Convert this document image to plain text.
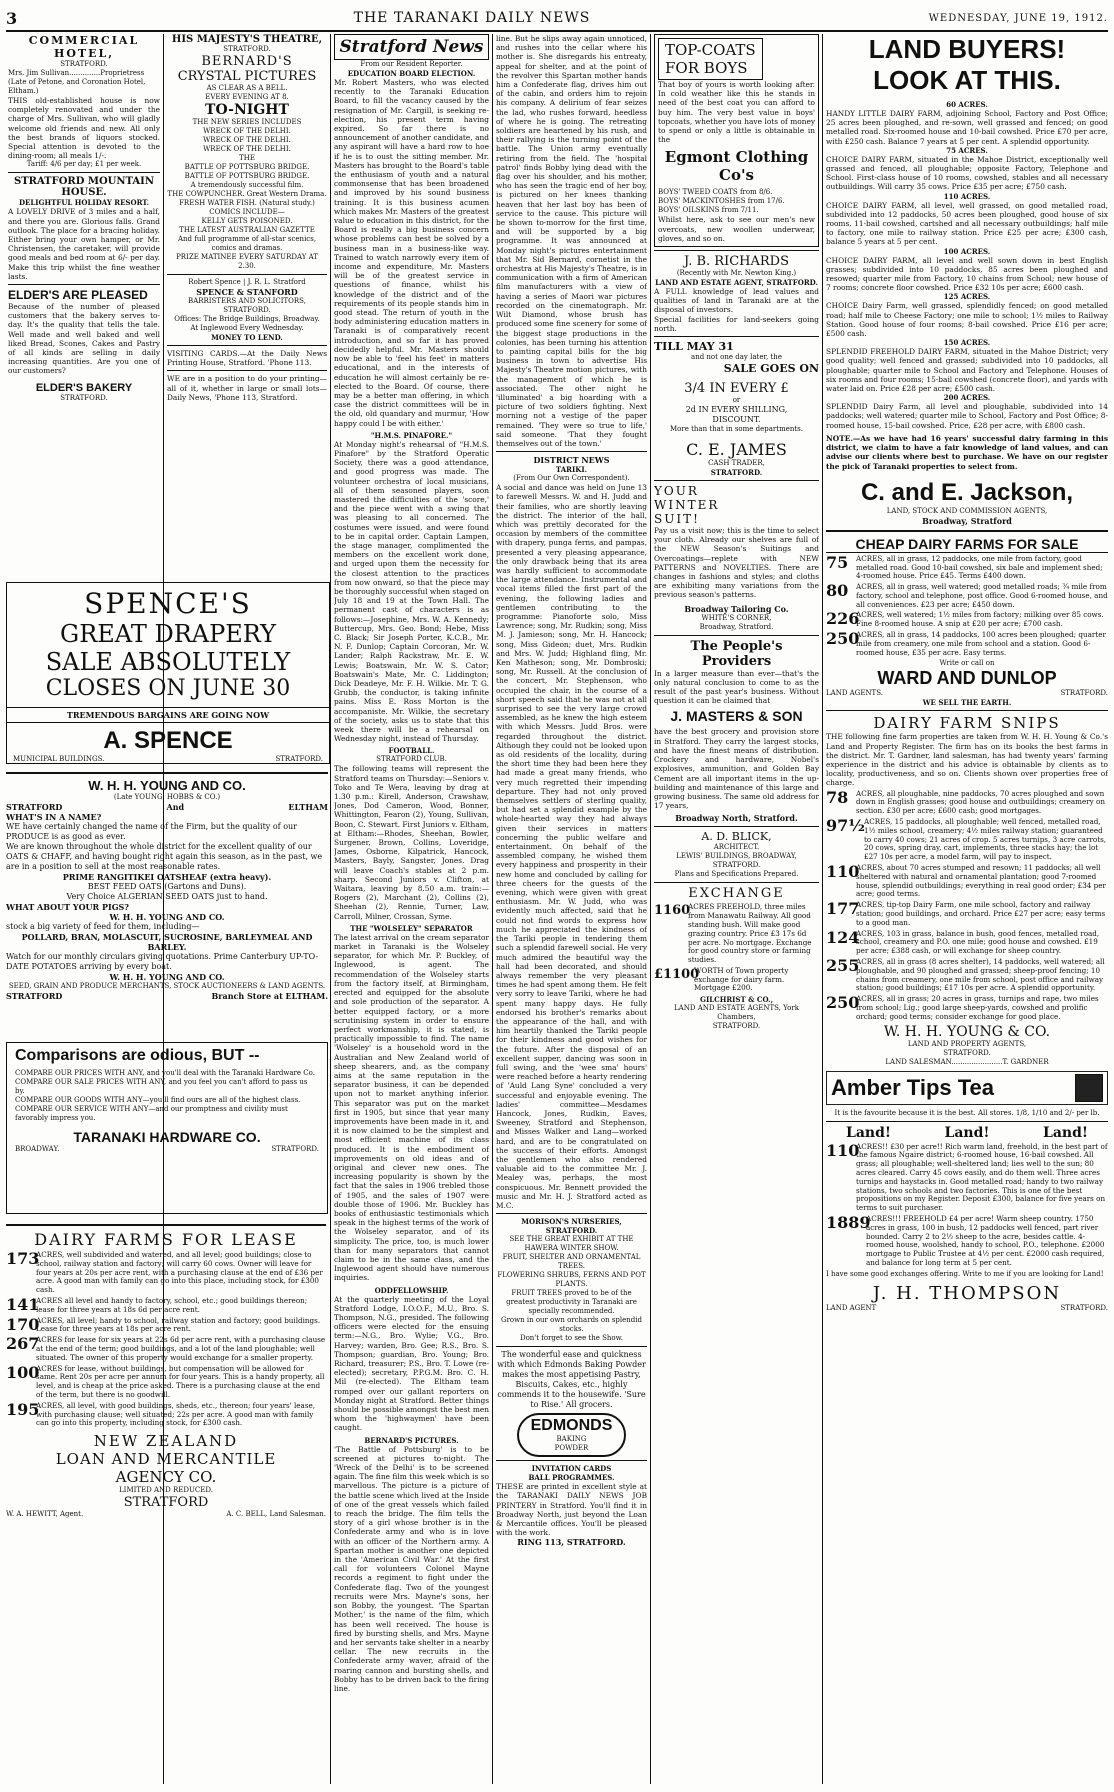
3	THE TARANAKI DAILY NEWS	WEDNESDAY, JUNE 19, 1912.
COMMERCIAL HOTEL,
STRATFORD.
Mrs. Jim Sullivan..............Proprietress
(Late of Petone, and Coronation Hotel, Eltham.)
THIS old-established house is now completely renovated and under the charge of Mrs. Sullivan, who will gladly welcome old friends and new. All only the best brands of liquors stocked. Special attention is devoted to the dining-room; all meals 1/-.
Tariff: 4/6 per day; £1 per week.
STRATFORD MOUNTAIN HOUSE.
DELIGHTFUL HOLIDAY RESORT.
A LOVELY DRIVE of 3 miles and a half, and there you are. Glorious falls. Grand outlook. The place for a bracing holiday. Either bring your own hamper, or Mr. Christensen, the caretaker, will provide good meals and bed room at 6/- per day. Make this trip whilst the fine weather lasts.
ELDER'S ARE PLEASED
Because of the number of pleased customers that the bakery serves to-day. It's the quality that tells the tale. Well made and well baked and well liked Bread, Scones, Cakes and Pastry of all kinds are selling in daily increasing quantities. Are you one of our customers?
ELDER'S BAKERY
STRATFORD.
HIS MAJESTY'S THEATRE,
STRATFORD.
BERNARD'S
CRYSTAL PICTURES
AS CLEAR AS A BELL.
EVERY EVENING AT 8.
TO-NIGHT
THE NEW SERIES INCLUDES
WRECK OF THE DELHI.
WRECK OF THE DELHI.
WRECK OF THE DELHI.
THE
BATTLE OF POTTSBURG BRIDGE.
BATTLE OF POTTSBURG BRIDGE.
A tremendously successful film.
THE COWPUNCHER. Great Western Drama.
FRESH WATER FISH. (Natural study.)
COMICS INCLUDE—
KELLY GETS POISONED.
THE LATEST AUSTRALIAN GAZETTE
And full programme of all-star scenics, comics and dramas.
PRIZE MATINEE EVERY SATURDAY AT 2.30.
Robert Spence | J. R. L. Stratford
SPENCE & STANFORD
BARRISTERS AND SOLICITORS,
STRATFORD.
Offices: The Bridge Buildings, Broadway.
At Inglewood Every Wednesday.
MONEY TO LEND.
VISITING CARDS.—At the Daily News Printing House, Stratford. 'Phone 113.
WE are in a position to do your printing—all of it, whether in large or small lots—Daily News, 'Phone 113, Stratford.
SPENCE'S
GREAT DRAPERY
SALE ABSOLUTELY
CLOSES ON JUNE 30
TREMENDOUS BARGAINS ARE GOING NOW
A. SPENCE
MUNICIPAL BUILDINGS.	STRATFORD.
W. H. H. YOUNG AND CO.
(Late YOUNG, HOBBS & CO.)
STRATFORD	And	ELTHAM
WHAT'S IN A NAME?
WE have certainly changed the name of the Firm, but the quality of our PRODUCE is as good as ever.
We are known throughout the whole district for the excellent quality of our OATS & CHAFF, and having bought right again this season, as in the past, we are in a position to sell at the most reasonable rates.
PRIME RANGITIKEI OATSHEAF (extra heavy).
BEST FEED OATS (Gartons and Duns).
Very Choice ALGERIAN SEED OATS just to hand.
WHAT ABOUT YOUR PIGS?
W. H. H. YOUNG AND CO.
stock a big variety of feed for them, including—
POLLARD, BRAN, MOLASCUIT, SUCROSINE, BARLEYMEAL AND BARLEY.
Watch for our monthly circulars giving quotations. Prime Canterbury UP-TO-DATE POTATOES arriving by every boat.
W. H. H. YOUNG AND CO.
SEED, GRAIN AND PRODUCE MERCHANTS, STOCK AUCTIONEERS & LAND AGENTS.
STRATFORD	Branch Store at ELTHAM.
Comparisons are odious, BUT --
COMPARE OUR PRICES WITH ANY, and you'll deal with the Taranaki Hardware Co.
COMPARE OUR SALE PRICES WITH ANY, and you feel you can't afford to pass us by.
COMPARE OUR GOODS WITH ANY—you'll find ours are all of the highest class.
COMPARE OUR SERVICE WITH ANY—and our promptness and civility must favorably impress you.
TARANAKI HARDWARE CO.
BROADWAY.	STRATFORD.
DAIRY FARMS FOR LEASE
173
ACRES, well subdivided and watered, and all level; good buildings; close to school, railway station and factory; will carry 60 cows. Owner will leave for four years at 20s per acre rent, with a purchasing clause at the end of £36 per acre. A good man with family can go into this place, including stock, for £300 cash.
141
ACRES all level and handy to factory, school, etc.; good buildings thereon; lease for three years at 18s 6d per acre rent.
170
ACRES, all level; handy to school, railway station and factory; good buildings. Lease for three years at 18s per acre rent.
267
ACRES for lease for six years at 22s 6d per acre rent, with a purchasing clause at the end of the term; good buildings, and a lot of the land ploughable; well situated. The owner of this property would exchange for a smaller property.
100
ACRES for lease, without buildings, but compensation will be allowed for same. Rent 20s per acre per annum for four years. This is a handy property, all level, and is cheap at the price asked. There is a purchasing clause at the end of the term, but there is no goodwill.
195
ACRES, all level, with good buildings, sheds, etc., thereon; four years' lease, with purchasing clause; well situated; 22s per acre. A good man with family can go into this property, including stock, for £300 cash.
NEW ZEALAND
LOAN AND MERCANTILE
AGENCY CO.
LIMITED AND REDUCED.
STRATFORD
W. A. HEWITT, Agent.	A. C. BELL, Land Salesman.
Stratford News
From our Resident Reporter.
EDUCATION BOARD ELECTION.
Mr. Robert Masters, who was elected recently to the Taranaki Education Board, to fill the vacancy caused by the resignation of Mr. Cargill, is seeking re-election, his present term having expired. So far there is no announcement of another candidate, and any aspirant will have a hard row to hoe if he is to oust the sitting member. Mr. Masters has brought to the Board's table the enthusiasm of youth and a natural commonsense that has been broadened and improved by his sound business training. It is this business acumen which makes Mr. Masters of the greatest value to education in this district, for the Board is really a big business concern whose problems can best be solved by a business man in a business-like way. Trained to watch narrowly every item of income and expenditure, Mr. Masters will be of the greatest service in questions of finance, whilst his knowledge of the district and of the requirements of its people stands him in good stead. The return of youth in the body administering education matters in Taranaki is of comparatively recent introduction, and so far it has proved decidedly helpful. Mr. Masters should now be able to 'feel his feet' in matters educational, and in the interests of education he will almost certainly be re-elected to the Board. Of course, there may be a better man offering, in which case the district committees will be in the old, old quandary and murmur, 'How happy could I be with either.'
"H.M.S. PINAFORE."
At Monday night's rehearsal of "H.M.S. Pinafore" by the Stratford Operatic Society, there was a good attendance, and good progress was made. The volunteer orchestra of local musicians, all of them seasoned players, soon mastered the difficulties of the 'score,' and the piece went with a swing that was pleasing to all concerned. The costumes were issued, and were found to be in capital order. Captain Lampen, the stage manager, complimented the members on the excellent work done, and urged upon them the necessity for the closest attention to the practices from now onward, so that the piece may be thoroughly successful when staged on July 18 and 19 at the Town Hall. The permanent cast of characters is as follows:—Josephine, Mrs. W. A. Kennedy; Buttercup, Mrs. Geo. Bond; Hebe, Miss C. Black; Sir Joseph Porter, K.C.B., Mr. N. F. Dunlop; Captain Corcoran, Mr. W. Lander; Ralph Rackstraw, Mr. E. W. Lewis; Boatswain, Mr. W. S. Cator; Boatswain's Mate, Mr. C. Liddington; Dick Deadeye, Mr. F. H. Wilkie. Mr. T. G. Grubb, the conductor, is taking infinite pains. Miss E. Ross Morton is the accompaniste. Mr. Wilkie, the secretary of the society, asks us to state that this week there will be a rehearsal on Wednesday night, instead of Thursday.
FOOTBALL.
STRATFORD CLUB.
The following teams will represent the Stratford teams on Thursday:—Seniors v. Toko and Te Wera, leaving by drag at 1.30 p.m.: Kirell, Anderson, Crawshaw, Jones, Dod Cameron, Wood, Bonner, Whittington, Fearon (2), Young, Sullivan, Boon, C. Stewart. First Juniors v. Eltham, at Eltham:—Rhodes, Sheehan, Bowler, Surgener, Brown, Collins, Loveridge, James, Osborne, Kilpatrick, Hancock, Masters, Bayly, Sangster, Jones. Drag will leave Coach's stables at 2 p.m. sharp. Second Juniors v. Clifton, at Waitara, leaving by 8.50 a.m. train:—Rogers (2), Marchant (2), Collins (2), Sheehan (2), Rennie, Turner, Law, Carroll, Milner, Crossan, Syme.
THE "WOLSELEY" SEPARATOR
The latest arrival on the cream separator market in Taranaki is the Wolseley separator, for which Mr. P. Buckley, of Inglewood, is agent. The recommendation of the Wolseley starts from the factory itself, at Birmingham, erected and equipped for the absolute and sole production of the separator. A better equipped factory, or a more scrutinising system in order to ensure perfect workmanship, it is stated, is practically impossible to find. The name 'Wolseley' is a household word in the Australian and New Zealand world of sheep shearers, and, as the company aims at the same reputation in the separator business, it can be depended upon not to market anything inferior. This separator was put on the market first in 1905, but since that year many improvements have been made in it, and it is now claimed to be the simplest and most efficient machine of its class produced. It is the embodiment of improvements on old ideas and of original and clever new ones. The increasing popularity is shown by the fact that the sales in 1906 trebled those of 1905, and the sales of 1907 were double those of 1906. Mr. Buckley has books of enthusiastic testimonials which speak in the highest terms of the work of the Wolseley separator, and of its simplicity. The price, too, is much lower than for many separators that cannot claim to be in the same class, and the Inglewood agent should have numerous inquiries.
ODDFELLOWSHIP.
At the quarterly meeting of the Loyal Stratford Lodge, I.O.O.F., M.U., Bro. S. Thompson, N.G., presided. The following officers were elected for the ensuing term:—N.G., Bro. Wylie; V.G., Bro. Harvey; warden, Bro. Gee; R.S., Bro. S. Thompson; guardian, Bro. Young; Bro. Richard, treasurer; P.S., Bro. T. Lowe (re-elected); secretary, P.P.G.M. Bro. C. H. Mil (re-elected). The Eltham team romped over our gallant reporters on Monday night at Stratford. Better things should be possible amongst the best men whom the 'highwaymen' have been caught.
BERNARD'S PICTURES.
'The Battle of Pottsburg' is to be screened at pictures to-night. The 'Wreck of the Delhi' is to be screened again. The fine film this week which is so marvellous. The picture is a picture of the battle scene which lived at the Inside of one of the great vessels which failed to reach the bridge. The film tells the story of a girl whose brother is in the Confederate army and who is in love with an officer of the Northern army. A Spartan mother is another one depicted in the 'American Civil War.' At the first call for volunteers Colonel Mayne records a regiment to fight under the Confederate flag. Two of the youngest recruits were Mrs. Mayne's sons, her son Bobby, the youngest. 'The Spartan Mother,' is the name of the film, which has been well received. The house is fired by bursting shells, and Mrs. Mayne and her servants take shelter in a nearby cellar. The new recruits in the Confederate army waver, afraid of the roaring cannon and bursting shells, and Bobby has to be driven back to the firing line.
line. But he slips away again unnoticed, and rushes into the cellar where his mother is. She disregards his entreaty, appeal for shelter, and at the point of the revolver this Spartan mother hands him a Confederate flag, drives him out of the cabin, and orders him to rejoin his company. A delirium of fear seizes the lad, who rushes forward, heedless of where he is going. The retreating soldiers are heartened by his rush, and their rallying is the turning point of the battle. The Union army eventually retiring from the field. The 'hospital patrol' finds Bobby lying dead with the flag over his shoulder, and his mother, who has seen the tragic end of her boy, is pictured on her knees thanking heaven that her last boy has been of service to the cause. This picture will be shown to-morrow for the first time, and will be supported by a big programme. It was announced at Monday night's pictures entertainment that Mr. Sid Bernard, cornetist in the orchestra at His Majesty's Theatre, is in communication with a firm of American film manufacturers with a view of having a series of Maori war pictures recorded on the cinematograph. Mr. Wilt Diamond, whose brush has produced some fine scenery for some of the biggest stage productions in the colonies, has been turning his attention to painting capital bills for the big business in town to advertise His Majesty's Theatre motion pictures, with the management of which he is associated. The other night he 'illuminated' a big hoarding with a picture of two soldiers fighting. Next morning not a vestige of the paper remained. 'They were so true to life,' said someone. 'That they fought themselves out of the town.'
DISTRICT NEWS
TARIKI.
(From Our Own Correspondent).
A social and dance was held on June 13 to farewell Messrs. W. and H. Judd and their families, who are shortly leaving the district. The interior of the hall, which was prettily decorated for the occasion by members of the committee with drapery, punga ferns, and pampas, presented a very pleasing appearance, the only drawback being that its area was hardly sufficient to accommodate the large attendance. Instrumental and vocal items filled the first part of the evening, the following ladies and gentlemen contributing to the programme: Pianoforte solo, Miss Lawrence; song, Mr. Rudkin; song, Miss M. J. Jamieson; song, Mr. H. Hancock; song, Miss Gideon; duet, Mrs. Rudkin and Mrs. W. Judd; Highland fling, Mr. Ken Matheson; song, Mr. Dombroski; song, Mr. Russell. At the conclusion of the concert, Mr. Stephenson, who occupied the chair, in the course of a short speech said that he was not at all surprised to see the very large crowd assembled, as he knew the high esteem with which Messrs. Judd Bros. were regarded throughout the district. Although they could not be looked upon as old residents of the locality, during the short time they had been here they had made a great many friends, who very much regretted their impending departure. They had not only proved themselves settlers of sterling quality, but had set a splendid example by the whole-hearted way they had always given their services in matters concerning the public welfare and entertainment. On behalf of the assembled company, he wished them every happiness and prosperity in their new home and concluded by calling for three cheers for the guests of the evening, which were given with great enthusiasm. Mr. W. Judd, who was evidently much affected, said that he could not find words to express how much he appreciated the kindness of the Tariki people in tendering them such a splendid farewell social. He very much admired the beautiful way the hall had been decorated, and should always remember the very pleasant times he had spent among them. He felt very sorry to leave Tariki, where he had spent many happy days. He fully endorsed his brother's remarks about the appearance of the hall, and with him heartily thanked the Tariki people for their kindness and good wishes for the future. After the disposal of an excellent supper, dancing was soon in full swing, and the 'wee sma' hours' were reached before a hearty rendering of 'Auld Lang Syne' concluded a very successful and enjoyable evening. The ladies' committee—Mesdames Hancock, Jones, Rudkin, Eaves, Sweeney, Stratford and Stephenson, and Misses Walker and Lang—worked hard, and are to be congratulated on the success of their efforts. Amongst the gentlemen who also rendered valuable aid to the committee Mr. J. Mealey was, perhaps, the most conspicuous. Mr. Bennett provided the music and Mr. H. J. Stratford acted as M.C.
MORISON'S NURSERIES, STRATFORD.
SEE THE GREAT EXHIBIT AT THE HAWERA WINTER SHOW.
FRUIT, SHELTER AND ORNAMENTAL TREES.
FLOWERING SHRUBS, FERNS AND POT PLANTS.
FRUIT TREES proved to be of the greatest productivity in Taranaki are specially recommended.
Grown in our own orchards on splendid stocks.
Don't forget to see the Show.
The wonderful ease and quickness with which Edmonds Baking Powder makes the most appetising Pastry, Biscuits, Cakes, etc., highly commends it to the housewife. 'Sure to Rise.' All grocers.
EDMONDS
BAKING
POWDER
INVITATION CARDS
BALL PROGRAMMES.
THESE are printed in excellent style at the TARANAKI DAILY NEWS JOB PRINTERY in Stratford. You'll find it in Broadway North, just beyond the Loan & Mercantile offices. You'll be pleased with the work.
RING 113, STRATFORD.
TOP-COATS
FOR BOYS
That boy of yours is worth looking after. In cold weather like this he stands in need of the best coat you can afford to buy him. The very best value in boys' topcoats, whether you have lots of money to spend or only a little is obtainable in the
Egmont Clothing Co's
BOYS' TWEED COATS from 8/6.
BOYS' MACKINTOSHES from 17/6.
BOYS' OILSKINS from 7/11.
Whilst here, ask to see our men's new overcoats, new woollen underwear, gloves, and so on.
J. B. RICHARDS
(Recently with Mr. Newton King.)
LAND AND ESTATE AGENT, STRATFORD.
A FULL knowledge of lead values and qualities of land in Taranaki are at the disposal of investors.
Special facilities for land-seekers going north.
TILL MAY 31
and not one day later, the
SALE GOES ON
3/4 IN EVERY £
or
2d IN EVERY SHILLING,
DISCOUNT.
More than that in some departments.
C. E. JAMES
CASH TRADER,
STRATFORD.
YOUR
WINTER
SUIT!
Pay us a visit now; this is the time to select your cloth. Already our shelves are full of the NEW Season's Suitings and Overcoatings—replete with NEW PATTERNS and NOVELTIES. There are changes in fashions and styles; and cloths are exhibiting many variations from the previous season's patterns.
Broadway Tailoring Co.
WHITE'S CORNER,
Broadway, Stratford.
The People's Providers
In a larger measure than ever—that's the only natural conclusion to come to as the result of the past year's business. Without question it can be claimed that
J. MASTERS & SON
have the best grocery and provision store in Stratford. They carry the largest stocks, and have the finest means of distribution. Crockery and hardware, Nobel's explosives, ammunition, and Golden Bay Cement are all important items in the up-building and maintenance of this large and growing business. The same old address for 17 years,
Broadway North, Stratford.
A. D. BLICK,
ARCHITECT.
LEWIS' BUILDINGS, BROADWAY, STRATFORD.
Plans and Specifications Prepared.
EXCHANGE
1160
ACRES FREEHOLD, three miles from Manawatu Railway. All good standing bush. Will make good grazing country. Price £3 17s 6d per acre. No mortgage. Exchange for good country store or farming studies.
£1100
WORTH of Town property exchange for dairy farm. Mortgage £200.
GILCHRIST & CO.,
LAND AND ESTATE AGENTS, York Chambers,
STRATFORD.
LAND BUYERS!
LOOK AT THIS.
60 ACRES.
HANDY LITTLE DAIRY FARM, adjoining School, Factory and Post Office; 25 acres been ploughed, and re-sown, well grassed and fenced; on good metalled road. Six-roomed house and 10-bail cowshed. Price £70 per acre, with £250 cash. Balance 7 years at 5 per cent. A splendid opportunity.
75 ACRES.
CHOICE DAIRY FARM, situated in the Mahoe District, exceptionally well grassed and fenced, all ploughable; opposite Factory, Telephone and School. First-class house of 10 rooms, cowshed, stables and all necessary outbuildings. Will carry 35 cows. Price £35 per acre; £750 cash.
110 ACRES.
CHOICE DAIRY FARM, all level, well grassed, on good metalled road, subdivided into 12 paddocks, 50 acres been ploughed, good house of six rooms, 11-bail cowshed, cartshed and all necessary outbuildings; half mile to factory, one mile to railway station. Price £25 per acre; £300 cash, balance 5 years at 5 per cent.
100 ACRES.
CHOICE DAIRY FARM, all level and well sown down in best English grasses; subdivided into 10 paddocks, 85 acres been ploughed and resowed; quarter mile from Factory, 10 chains from School; new house of 7 rooms; concrete floor cowshed. Price £32 10s per acre; £600 cash.
125 ACRES.
CHOICE Dairy Farm, well grassed, splendidly fenced; on good metalled road; half mile to Cheese Factory; one mile to school; 1½ miles to Railway Station. Good house of four rooms; 8-bail cowshed. Price £16 per acre; £500 cash.
150 ACRES.
SPLENDID FREEHOLD DAIRY FARM, situated in the Mahoe District; very good quality; well fenced and grassed; subdivided into 10 paddocks, all ploughable; quarter mile to School and Factory and Telephone. Houses of six rooms and four rooms; 15-bail cowshed (concrete floor), and yards with water laid on. Price £28 per acre; £500 cash.
200 ACRES.
SPLENDID Dairy Farm, all level and ploughable, subdivided into 14 paddocks; well watered; quarter mile to School, Factory and Post Office; 8-roomed house, 15-bail cowshed. Price, £28 per acre, with £800 cash.
NOTE.—As we have had 16 years' successful dairy farming in this district, we claim to have a fair knowledge of land values, and can advise our clients where best to purchase. We have on our register the pick of Taranaki properties to select from.
C. and E. Jackson,
LAND, STOCK AND COMMISSION AGENTS,
Broadway, Stratford
CHEAP DAIRY FARMS FOR SALE
75	ACRES, all in grass, 12 paddocks, one mile from factory, good metalled road. Good 10-bail cowshed, six bale and implement shed; 4-roomed house. Price £45. Terms £400 down.
80	ACRES, all in grass, well watered; good metalled roads; ¾ mile from factory, school and telephone, post office. Good 6-roomed house, and all conveniences. £23 per acre; £450 down.
226
ACRES, well watered; 1½ miles from factory; milking over 85 cows. Fine 8-roomed house. A snip at £20 per acre; £700 cash.
250
ACRES, all in grass, 14 paddocks, 100 acres been ploughed; quarter mile from creamery, one mile from school and a station. Good 6-roomed house, £35 per acre. Easy terms.
Write or call on
WARD AND DUNLOP
LAND AGENTS.	STRATFORD.
WE SELL THE EARTH.
DAIRY FARM SNIPS
THE following fine farm properties are taken from W. H. H. Young & Co.'s Land and Property Register. The firm has on its books the best farms in the district. Mr. T. Gardner, land salesman, has had twenty years' farming experience in the district and his advice is obtainable by clients as to locality, productiveness, and so on. Clients shown over properties free of charge.
78	ACRES, all ploughable, nine paddocks, 70 acres ploughed and sown down in English grasses; good house and outbuildings; creamery on section. £30 per acre; £600 cash; good mortgages.
97½ ACRES, 15 paddocks, all ploughable; well fenced, metalled road, 1½ miles school, creamery; 4½ miles railway station; guaranteed to carry 40 cows; 21 acres of crop. 5 acres turnips, 3 acre carrots, 20 cows, spring dray, cart, implements, three stacks hay; the lot £27 10s per acre, a model farm, will pay to inspect.
110
ACRES, about 70 acres stumped and resown; 11 paddocks; all well sheltered with natural and ornamental plantation; good 7-roomed house, splendid outbuildings; everything in real good order; £34 per acre; good terms.
177
ACRES, tip-top Dairy Farm, one mile school, factory and railway station; good buildings, and orchard. Price £27 per acre; easy terms to a good man.
124
ACRES, 103 in grass, balance in bush, good fences, metalled road, school, creamery and P.O. one mile; good house and cowshed. £19 per acre; £388 cash, or will exchange for sheep country.
255
ACRES, all in grass (8 acres shelter), 14 paddocks, well watered; all ploughable, and 90 ploughed and grassed; sheep-proof fencing; 10 chains from creamery, one mile from school, post office and railway station; good buildings; £17 10s per acre. A splendid opportunity.
250
ACRES, all in grass; 20 acres in grass, turnips and rape, two miles from school; Lig.; good large sheep-yards, cowshed and prolific orchard; good terms; consider exchange for good place.
W. H. H. YOUNG & CO.
LAND AND PROPERTY AGENTS,
STRATFORD.
LAND SALESMAN.......................T. GARDNER
Amber Tips Tea
It is the favourite because it is the best. All stores. 1/8, 1/10 and 2/- per lb.
Land!	Land!	Land!
110
ACRES!! £30 per acre!! Rich warm land, freehold, in the best part of the famous Ngaire district; 6-roomed house, 16-bail cowshed. All grass; all ploughable; well-sheltered land; lies well to the sun; 80 acres cleared. Carry 45 cows easily, and do them well. Three acres turnips and haystacks in. Good metalled road; handy to two railway stations, two schools and two factories. This is one of the best propositions on my Register. Deposit £300, balance for five years on terms to suit purchaser.
1889
ACRES!!! FREEHOLD £4 per acre! Warm sheep country. 1750 acres in grass, 100 in bush, 12 paddocks well fenced, part river bounded. Carry 2 to 2½ sheep to the acre, besides cattle. 4-roomed house, woolshed, handy to school, P.O., telephone. £2000 mortgage to Public Trustee at 4½ per cent. £2000 cash required, and balance for long term at 5 per cent.
I have some good exchanges offering. Write to me if you are looking for Land!
J. H. THOMPSON
LAND AGENT	STRATFORD.
